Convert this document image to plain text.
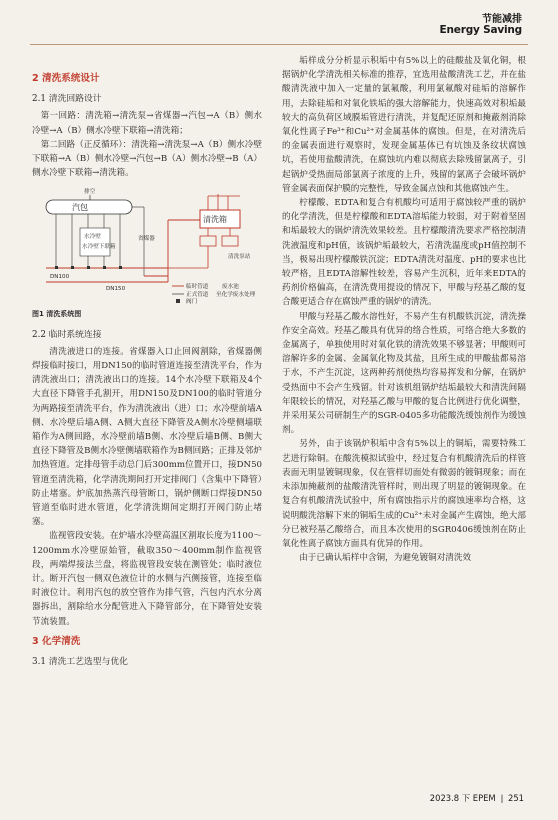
节能减排
Energy Saving
2 清洗系统设计
2.1 清洗回路设计

第一回路：清洗箱→清洗泵→省煤器→汽包→A（B）侧水冷壁→A（B）侧水冷壁下联箱→清洗箱；

第二回路（正反循环）：清洗箱→清洗泵→A（B）侧水冷壁下联箱→A（B）侧水冷壁→汽包→B（A）侧水冷壁→B（A）侧水冷壁下联箱→清洗箱。

汽包
排空
水冷壁
水冷壁下联箱
省煤器
DN100
DN150
清洗箱
清洗泵站
临时管道
正式管道
阀门
废水池
至化学废水处理
图1 清洗系统图
2.2 临时系统连接

清洗液进口的连接。省煤器入口止回阀割除，省煤器侧焊接临时接口，用DN150的临时管道连接至清洗平台，作为清洗液出口；清洗液出口的连接。14个水冷壁下联箱及4个大直径下降管手孔割开，用DN150及DN100的临时管道分为两路接至清洗平台，作为清洗液出（进）口；水冷壁前墙A侧、水冷壁后墙A侧、A侧大直径下降管及A侧水冷壁侧墙联箱作为A侧回路，水冷壁前墙B侧、水冷壁后墙B侧、B侧大直径下降管及B侧水冷壁侧墙联箱作为B侧回路；正排及邻炉加热管道。定排母管手动总门后300mm位置开口，接DN50管道至清洗箱，化学清洗期间打开定排阀门（含集中下降管）防止堵塞。炉底加热蒸汽母管断口，锅炉侧断口焊接DN50管道至临时进水管道，化学清洗期间定期打开阀门防止堵塞。

监视管段安装。在炉墙水冷壁高温区割取长度为1100～1200mm水冷壁原始管，截取350～400mm制作监视管段，两端焊接法兰盘，将监视管段安装在测管处；临时液位计。断开汽包一侧双色液位计的水侧与汽侧接管，连接至临时液位计。利用汽包的放空管作为排气管，汽包内汽水分离器拆出，割除给水分配管进入下降管部分，在下降管处安装节流装置。

3 化学清洗
3.1 清洗工艺选型与优化

垢样成分分析显示积垢中有5%以上的硅酸盐及氧化铜，根据锅炉化学清洗相关标准的推荐，宜选用盐酸清洗工艺，并在盐酸清洗液中加入一定量的氯氟酸，利用氯氟酸对硅垢的溶解作用，去除硅垢和对氧化铁垢的强大溶解能力，快速高效对积垢最较大的高负荷区域膜垢管进行清洗，并复配还原剂和掩蔽剂消除氧化性离子Fe³⁺和Cu²⁺对金属基体的腐蚀。但是，在对清洗后的金属表面进行观察时，发现金属基体已有坑蚀及条纹状腐蚀坑，若使用盐酸清洗，在腐蚀坑内难以彻底去除残留氯离子，引起锅炉受热面局部氯离子浓度的上升，残留的氯离子会破坏锅炉管金属表面保护膜的完整性，导致金属点蚀和其他腐蚀产生。

柠檬酸、EDTA和复合有机酸均可适用于腐蚀较严重的锅炉的化学清洗，但是柠檬酸和EDTA溶垢能力较弱，对于附着坚固和垢最较大的锅炉清洗效果较差。且柠檬酸清洗要求严格控制清洗液温度和pH值，该锅炉垢最较大，若清洗温度或pH值控制不当，极易出现柠檬酸铁沉淀；EDTA清洗对温度、pH的要求也比较严格，且EDTA溶解性较差，容易产生沉积，近年来EDTA的药剂价格偏高，在清洗费用提设的情况下，甲酸与羟基乙酸的复合酸更适合存在腐蚀严重的锅炉的清洗。

甲酸与羟基乙酸水溶性好，不易产生有机酸铁沉淀，清洗操作安全高效。羟基乙酸具有优异的络合性质，可络合绝大多数的金属离子，单独使用时对氧化铁的清洗效果不够显著；甲酸则可溶解许多的金属、金属氧化物及其盐，且所生成的甲酸盐都易溶于水，不产生沉淀，这两种药剂使热均容易挥发和分解，在锅炉受热面中不会产生残留。针对该机组锅炉结垢最较大和清洗间隔年限较长的情况，对羟基乙酸与甲酸的复合比例进行优化调整，并采用某公司研制生产的SGR-0405多功能酸洗缓蚀剂作为缓蚀剂。

另外，由于该锅炉积垢中含有5%以上的铜垢，需要特殊工艺进行除铜。在酸洗模拟试验中，经过复合有机酸清洗后的样管表面无明显镀铜现象，仅在管样切面处有微弱的镀铜现象；而在未添加掩蔽剂的盐酸清洗管样时，则出现了明显的镀铜现象。在复合有机酸清洗试验中，所有腐蚀指示片的腐蚀速率均合格，这说明酸洗溶解下来的铜垢生成的Cu²⁺未对金属产生腐蚀，绝大部分已被羟基乙酸络合，而且本次使用的SGR0406缓蚀剂在防止氧化性离子腐蚀方面具有优异的作用。

由于已确认垢样中含铜，为避免镀铜对清洗效

2023.8 下 EPEM ❘ 251
